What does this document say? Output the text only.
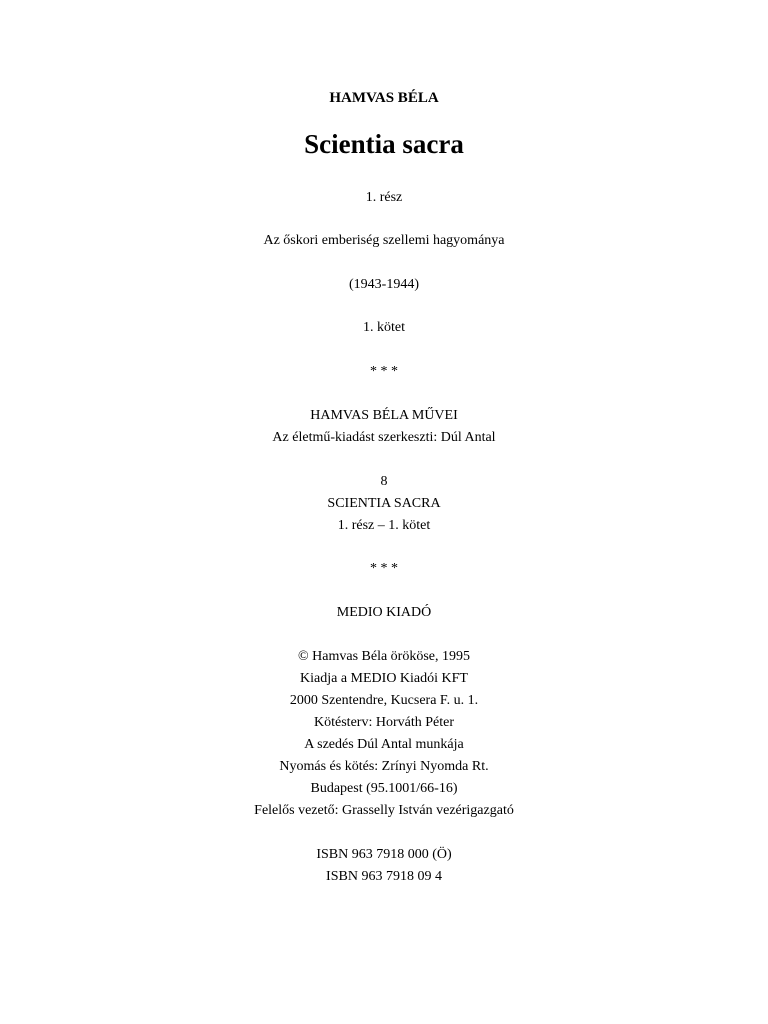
HAMVAS BÉLA
Scientia sacra
1. rész
Az őskori emberiség szellemi hagyománya
(1943-1944)
1. kötet
* * *
HAMVAS BÉLA MŰVEI
Az életmű-kiadást szerkeszti: Dúl Antal
8
SCIENTIA SACRA
1. rész – 1. kötet
* * *
MEDIO KIADÓ
© Hamvas Béla örököse, 1995
Kiadja a MEDIO Kiadói KFT
2000 Szentendre, Kucsera F. u. 1.
Kötésterv: Horváth Péter
A szedés Dúl Antal munkája
Nyomás és kötés: Zrínyi Nyomda Rt.
Budapest (95.1001/66-16)
Felelős vezető: Grasselly István vezérigazgató
ISBN 963 7918 000 (Ö)
ISBN 963 7918 09 4
